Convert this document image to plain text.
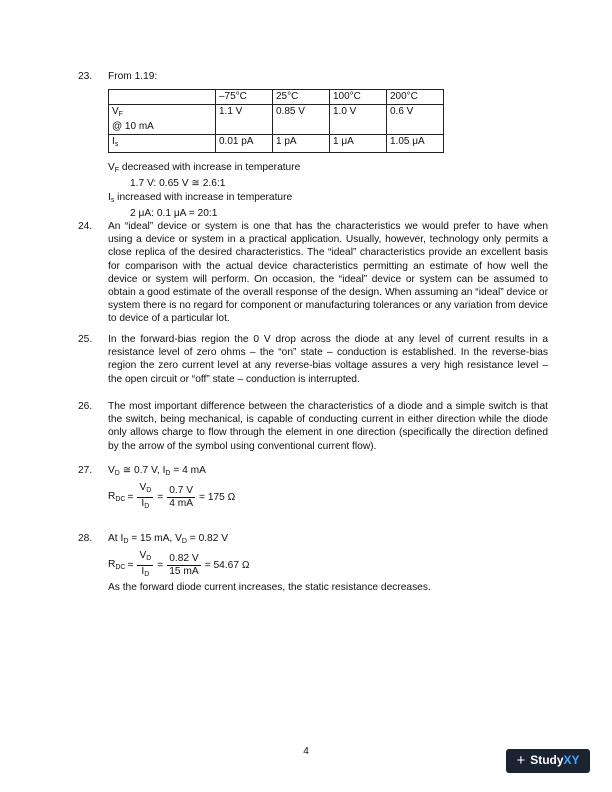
23.	From 1.19:
	–75°C	25°C	100°C	200°C
$V_F$
@ 10 mA	1.1 V	0.85 V	1.0 V	0.6 V
$I_s$	0.01 pA	1 pA	1 μA	1.05 μA
$V_F$ decreased with increase in temperature
1.7 V: 0.65 V ≅ 2.6:1
$I_s$ increased with increase in temperature
2 μA: 0.1 μA = 20:1
24.	An “ideal” device or system is one that has the characteristics we would prefer to have when using a device or system in a practical application. Usually, however, technology only permits a close replica of the desired characteristics. The “ideal” characteristics provide an excellent basis for comparison with the actual device characteristics permitting an estimate of how well the device or system will perform. On occasion, the “ideal” device or system can be assumed to obtain a good estimate of the overall response of the design. When assuming an “ideal” device or system there is no regard for component or manufacturing tolerances or any variation from device to device of a particular lot.
25.	In the forward-bias region the 0 V drop across the diode at any level of current results in a resistance level of zero ohms – the “on” state – conduction is established. In the reverse-bias region the zero current level at any reverse-bias voltage assures a very high resistance level – the open circuit or “off” state – conduction is interrupted.
26.	The most important difference between the characteristics of a diode and a simple switch is that the switch, being mechanical, is capable of conducting current in either direction while the diode only allows charge to flow through the element in one direction (specifically the direction defined by the arrow of the symbol using conventional current flow).
27.	$V_D$ ≅ 0.7 V, $I_D = 4$ mA
$R_{DC} = \frac{V_D}{I_D} = \frac{0.7 V}{4 mA} = 175$ Ω
28.	At $I_D = 15$ mA, $V_D = 0.82$ V
$R_{DC} = \frac{V_D}{I_D} = \frac{0.82 V}{15 mA} = 54.67$ Ω
As the forward diode current increases, the static resistance decreases.
4
+ Study XY
